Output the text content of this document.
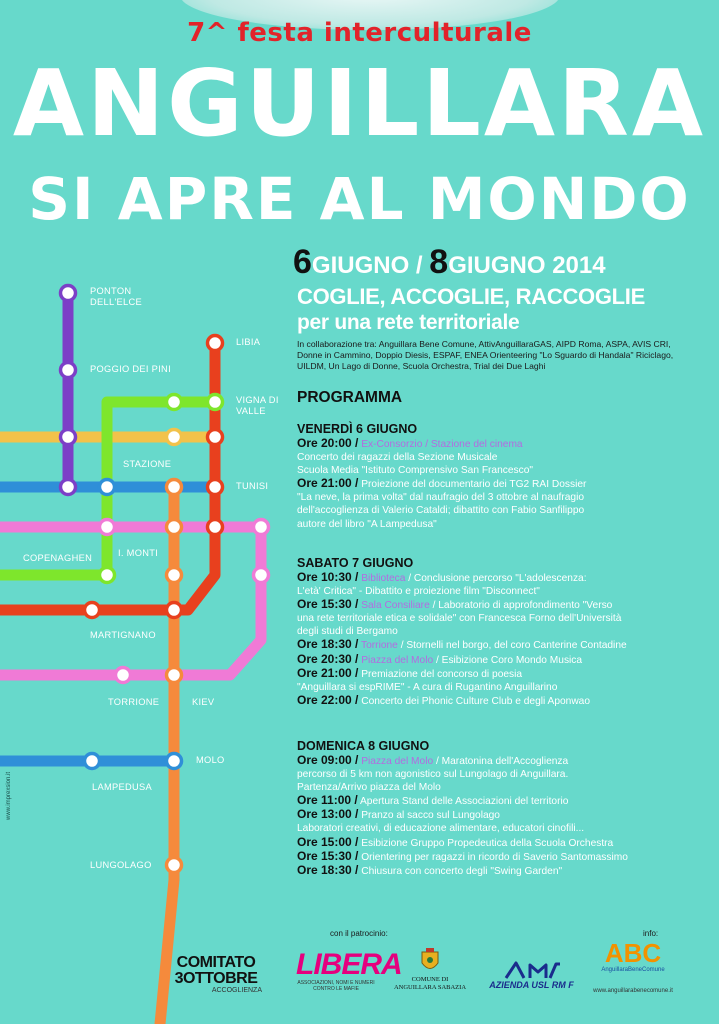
7^ festa interculturale
ANGUILLARA
SI APRE AL MONDO
6GIUGNO / 8GIUGNO 2014
COGLIE, ACCOGLIE, RACCOGLIE
per una rete territoriale
In collaborazione tra: Anguillara Bene Comune, AttivAnguillaraGAS, AIPD Roma, ASPA, AVIS CRI, Donne in Cammino, Doppio Diesis, ESPAF, ENEA Orienteering "Lo Sguardo di Handala" Riciclago, UILDM, Un Lago di Donne, Scuola Orchestra, Trial dei Due Laghi
PROGRAMMA
VENERDÌ 6 GIUGNO
Ore 20:00 / Ex-Consorzio / Stazione del cinema
Concerto dei ragazzi della Sezione Musicale
Scuola Media "Istituto Comprensivo San Francesco"
Ore 21:00 / Proiezione del documentario dei TG2 RAI Dossier
"La neve, la prima volta" dal naufragio del 3 ottobre al naufragio
dell'accoglienza di Valerio Cataldi; dibattito con Fabio Sanfilippo
autore del libro "A Lampedusa"
SABATO 7 GIUGNO
Ore 10:30 / Biblioteca / Conclusione percorso "L'adolescenza:
L'età' Critica" - Dibattito e proiezione film "Disconnect"
Ore 15:30 / Sala Consiliare / Laboratorio di approfondimento "Verso
una rete territoriale etica e solidale" con Francesca Forno dell'Università
degli studi di Bergamo
Ore 18:30 / Torrione / Stornelli nel borgo, del coro Canterine Contadine
Ore 20:30 / Piazza del Molo / Esibizione Coro Mondo Musica
Ore 21:00 / Premiazione del concorso di poesia
"Anguillara si espRIME" - A cura di Rugantino Anguillarino
Ore 22:00 / Concerto dei Phonic Culture Club e degli Aponwao
DOMENICA 8 GIUGNO
Ore 09:00 / Piazza del Molo / Maratonina dell'Accoglienza
percorso di 5 km non agonistico sul Lungolago di Anguillara.
Partenza/Arrivo piazza del Molo
Ore 11:00 / Apertura Stand delle Associazioni del territorio
Ore 13:00 / Pranzo al sacco sul Lungolago
Laboratori creativi, di educazione alimentare, educatori cinofili...
Ore 15:00 / Esibizione Gruppo Propedeutica della Scuola Orchestra
Ore 15:30 / Orientering per ragazzi in ricordo di Saverio Santomassimo
Ore 18:30 / Chiusura con concerto degli "Swing Garden"
PONTON
DELL'ELCE
POGGIO DEI PINI
LIBIA
VIGNA DI
VALLE
STAZIONE
TUNISI
I. MONTI
COPENAGHEN
MARTIGNANO
TORRIONE	KIEV
MOLO
LAMPEDUSA
LUNGOLAGO
www.imprexsion.it
con il patrocinio:	info:
COMITATO
3OTTOBRE
ACCOGLIENZA
LIBERA
ASSOCIAZIONI, NOMI E NUMERI
CONTRO LE MAFIE
COMUNE DI
ANGUILLARA SABAZIA	AZIENDA USL RM F
ABC
AnguillaraBeneComune
www.anguillarabenecomune.it
